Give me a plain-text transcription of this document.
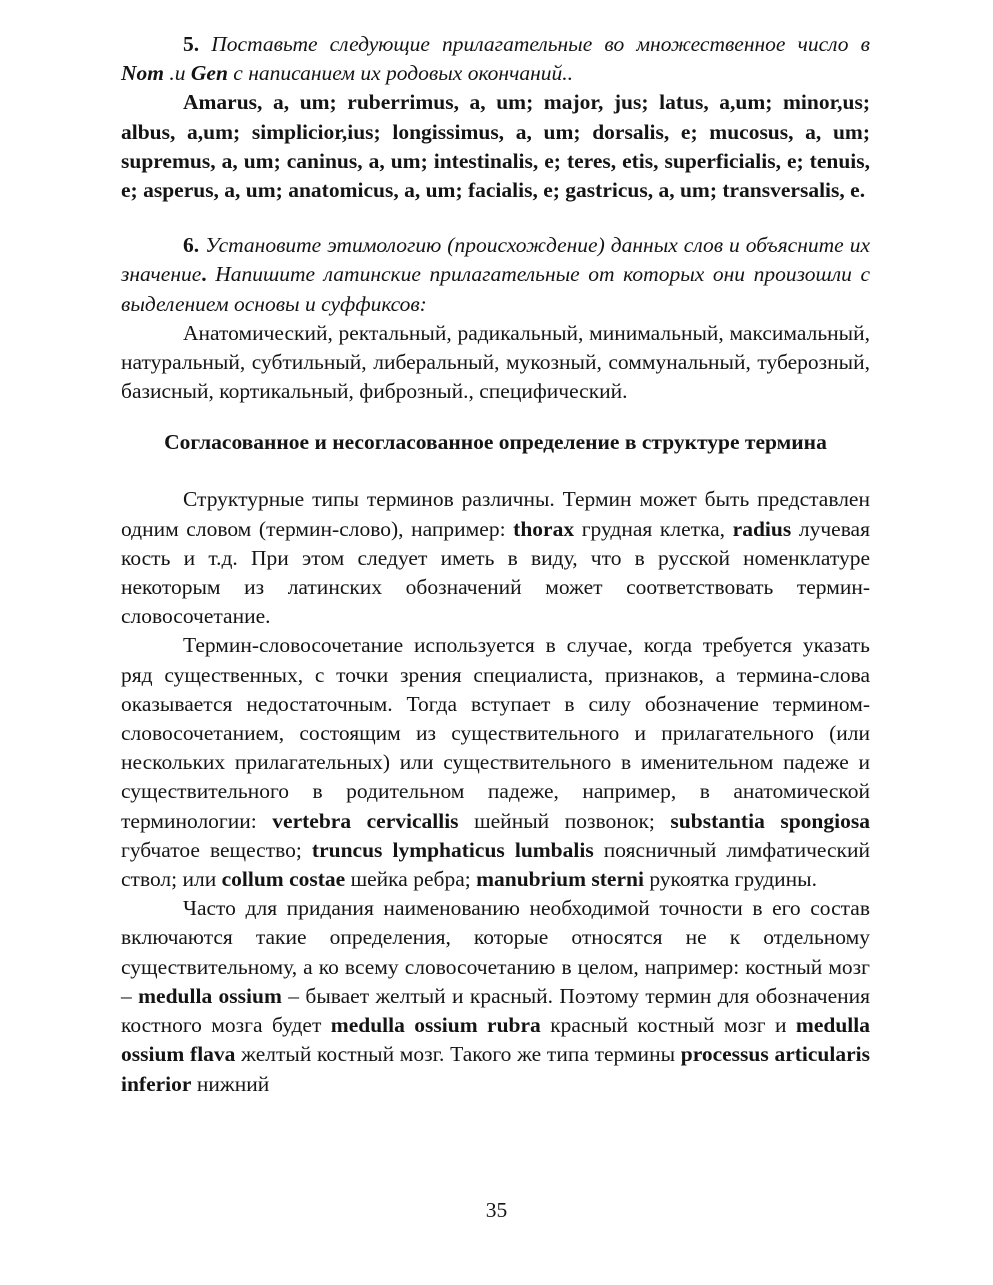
5. Поставьте следующие прилагательные во множественное число в Nom .и Gen с написанием их родовых окончаний..

Amarus, a, um; ruberrimus, a, um; major, jus; latus, a,um; minor,us; albus, a,um; simplicior,ius; longissimus, a, um; dorsalis, e; mucosus, a, um; supremus, a, um; caninus, a, um; intestinalis, e; teres, etis, superficialis, e; tenuis, e; asperus, a, um; anatomicus, a, um; facialis, e; gastricus, a, um; transversalis, e.

6. Установите этимологию (происхождение) данных слов и объясните их значение. Напишите латинские прилагательные от которых они произошли с выделением основы и суффиксов:

Анатомический, ректальный, радикальный, минимальный, максимальный, натуральный, субтильный, либеральный, мукозный, соммунальный, туберозный, базисный, кортикальный, фиброзный., специфический.

Согласованное и несогласованное определение в структуре термина

Структурные типы терминов различны. Термин может быть представлен одним словом (термин-слово), например: thorax грудная клетка, radius лучевая кость и т.д. При этом следует иметь в виду, что в русской номенклатуре некоторым из латинских обозначений может соответствовать термин-словосочетание.

Термин-словосочетание используется в случае, когда требуется указать ряд существенных, с точки зрения специалиста, признаков, а термина-слова оказывается недостаточным. Тогда вступает в силу обозначение термином-словосочетанием, состоящим из существительного и прилагательного (или нескольких прилагательных) или существительного в именительном падеже и существительного в родительном падеже, например, в анатомической терминологии: vertebra cervicallis шейный позвонок; substantia spongiosa губчатое вещество; truncus lymphaticus lumbalis поясничный лимфатический ствол; или collum costae шейка ребра; manubrium sterni рукоятка грудины.

Часто для придания наименованию необходимой точности в его состав включаются такие определения, которые относятся не к отдельному существительному, а ко всему словосочетанию в целом, например: костный мозг – medulla ossium – бывает желтый и красный. Поэтому термин для обозначения костного мозга будет medulla ossium rubra красный костный мозг и medulla ossium flava желтый костный мозг. Такого же типа термины processus articularis inferior нижний

35
